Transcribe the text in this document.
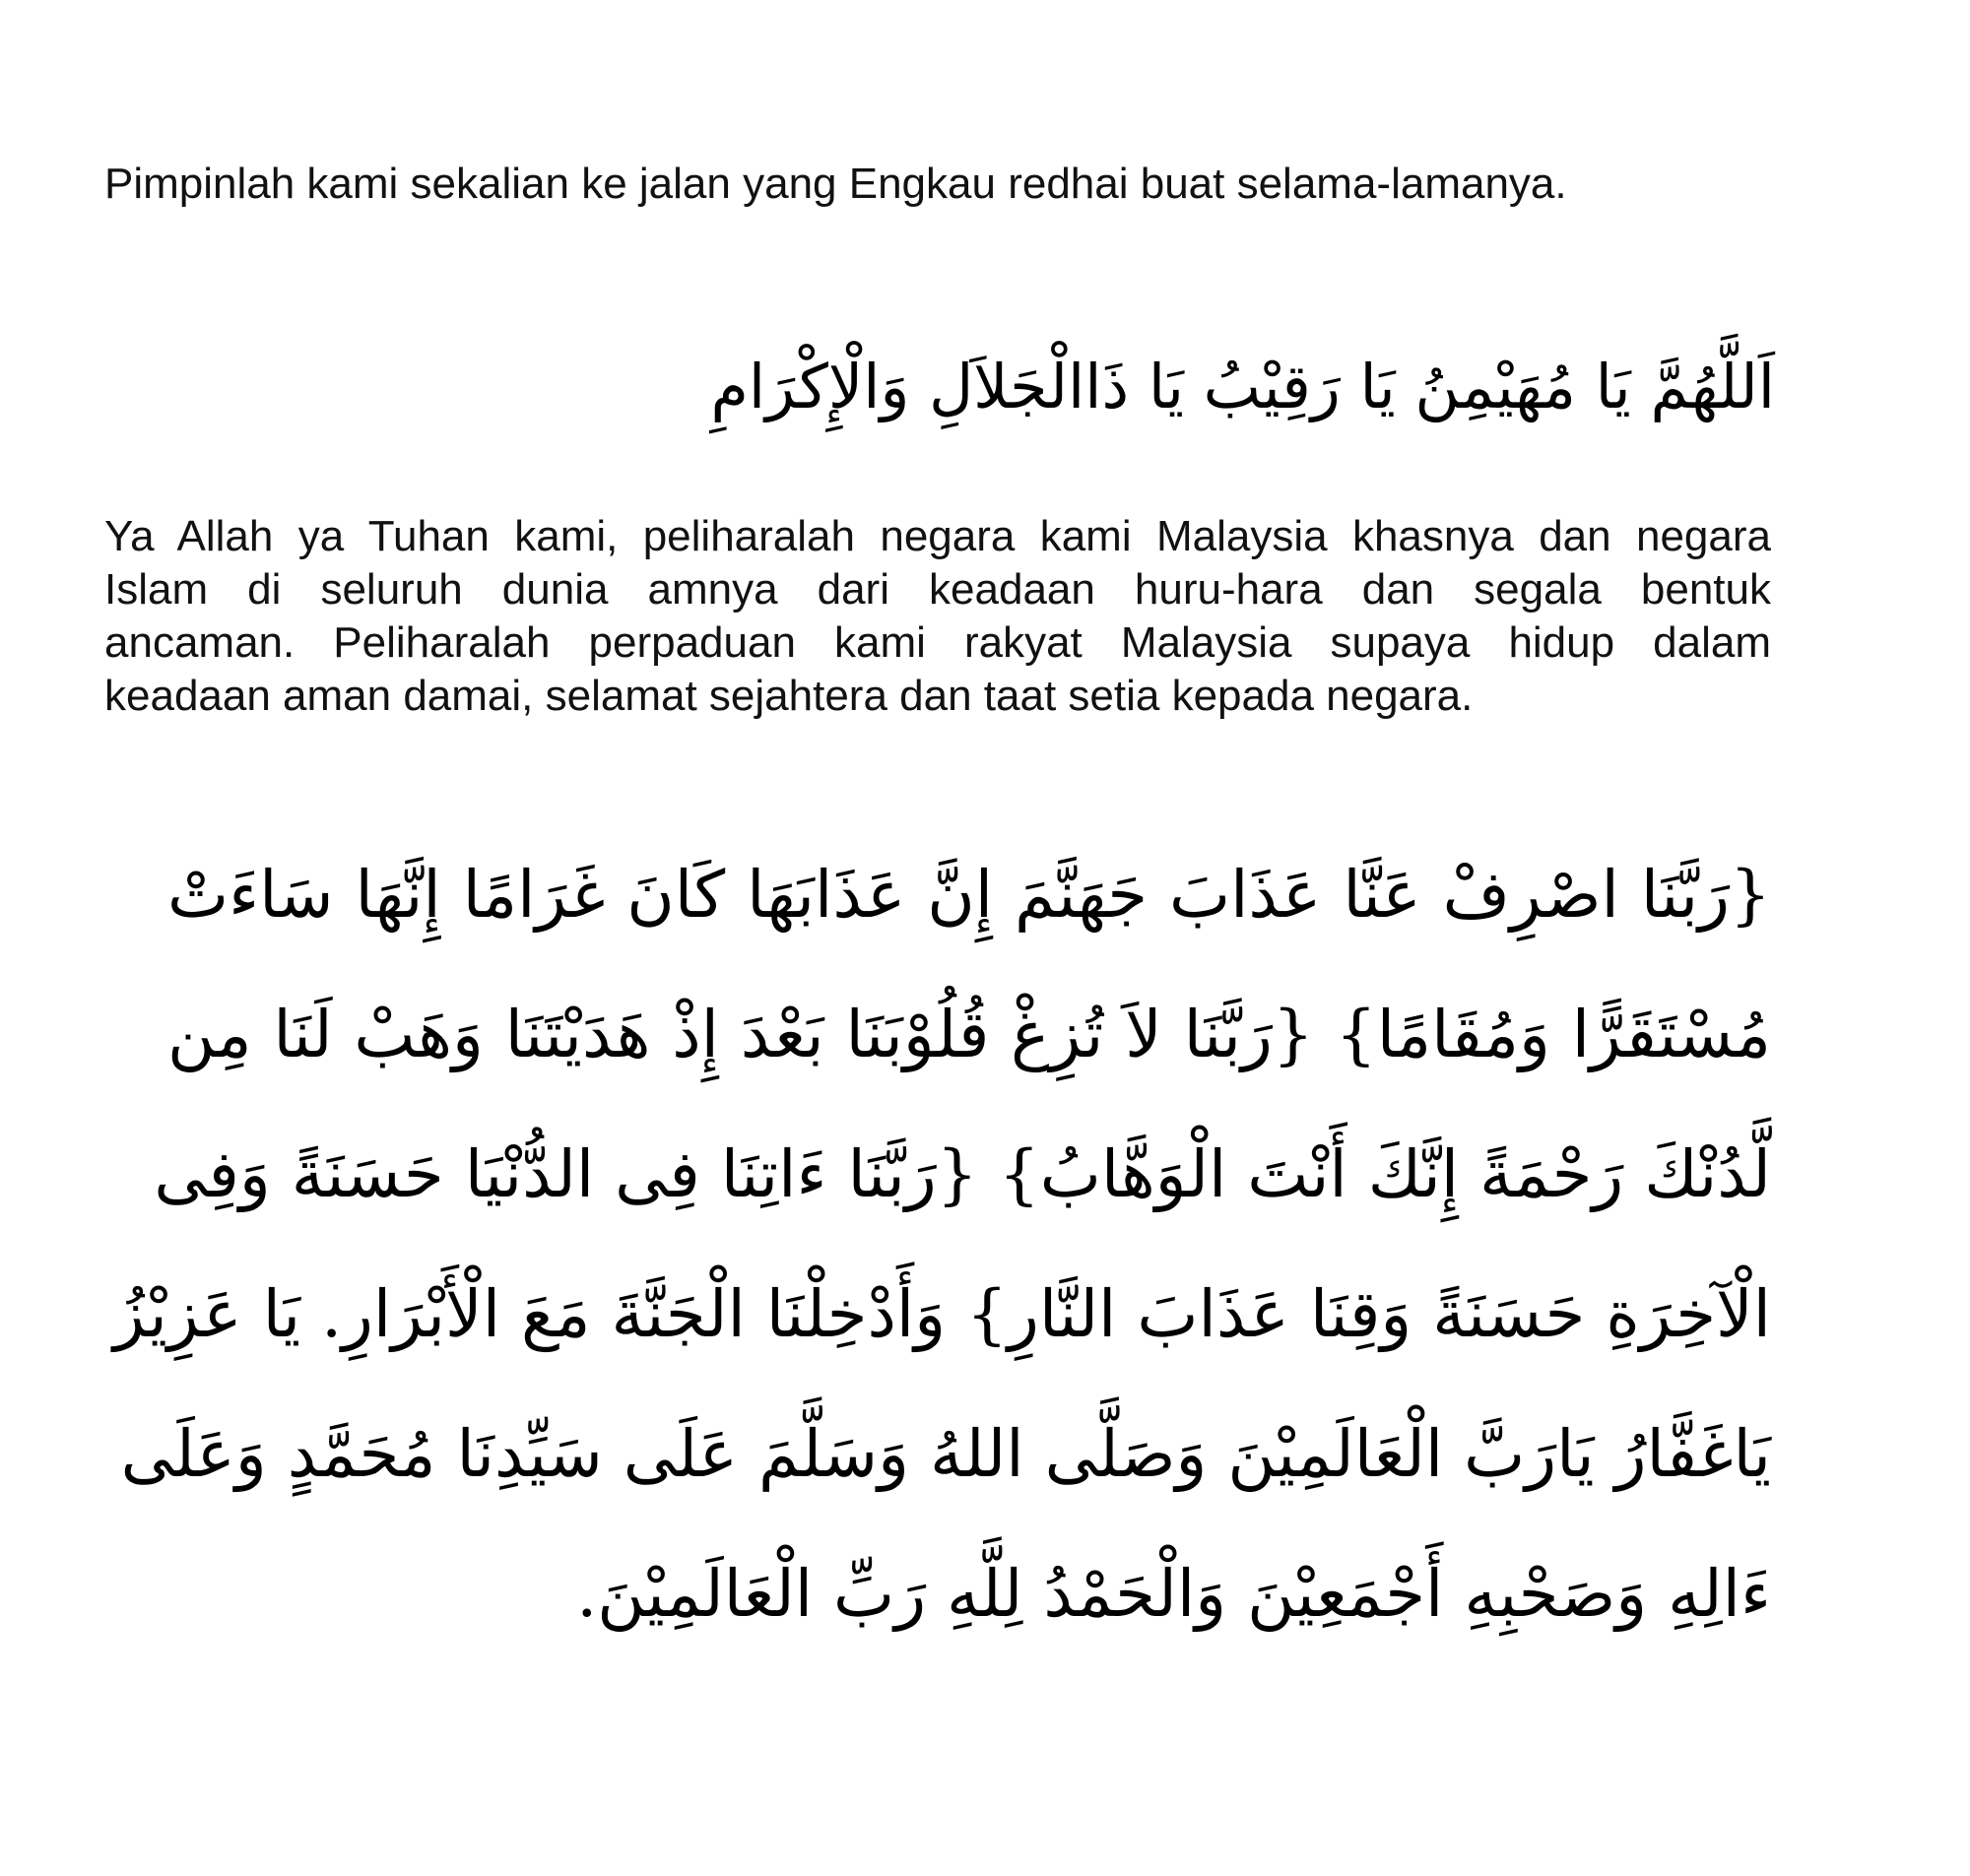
Pimpinlah kami sekalian ke jalan yang Engkau redhai buat selama-lamanya.
اَللَّهُمَّ يَا مُهَيْمِنُ يَا رَقِيْبُ يَا ذَاالْجَلاَلِ وَالْإِكْرَامِ
Ya Allah ya Tuhan kami, peliharalah negara kami Malaysia khasnya dan negara
Islam di seluruh dunia amnya dari keadaan huru-hara dan segala bentuk
ancaman. Peliharalah perpaduan kami rakyat Malaysia supaya hidup dalam
keadaan aman damai, selamat sejahtera dan taat setia kepada negara.
{رَبَّنَا اصْرِفْ عَنَّا عَذَابَ جَهَنَّمَ إِنَّ عَذَابَهَا كَانَ غَرَامًا إِنَّهَا سَاءَتْ
مُسْتَقَرًّا وَمُقَامًا} {رَبَّنَا لاَ تُزِغْ قُلُوْبَنَا بَعْدَ إِذْ هَدَيْتَنَا وَهَبْ لَنَا مِن
لَّدُنْكَ رَحْمَةً إِنَّكَ أَنْتَ الْوَهَّابُ} {رَبَّنَا ءَاتِنَا فِى الدُّنْيَا حَسَنَةً وَفِى
الْآخِرَةِ حَسَنَةً وَقِنَا عَذَابَ النَّارِ} وَأَدْخِلْنَا الْجَنَّةَ مَعَ الْأَبْرَارِ. يَا عَزِيْزُ
يَاغَفَّارُ يَارَبَّ الْعَالَمِيْنَ وَصَلَّى اللهُ وَسَلَّمَ عَلَى سَيِّدِنَا مُحَمَّدٍ وَعَلَى
ءَالِهِ وَصَحْبِهِ أَجْمَعِيْنَ وَالْحَمْدُ لِلَّهِ رَبِّ الْعَالَمِيْنَ.
